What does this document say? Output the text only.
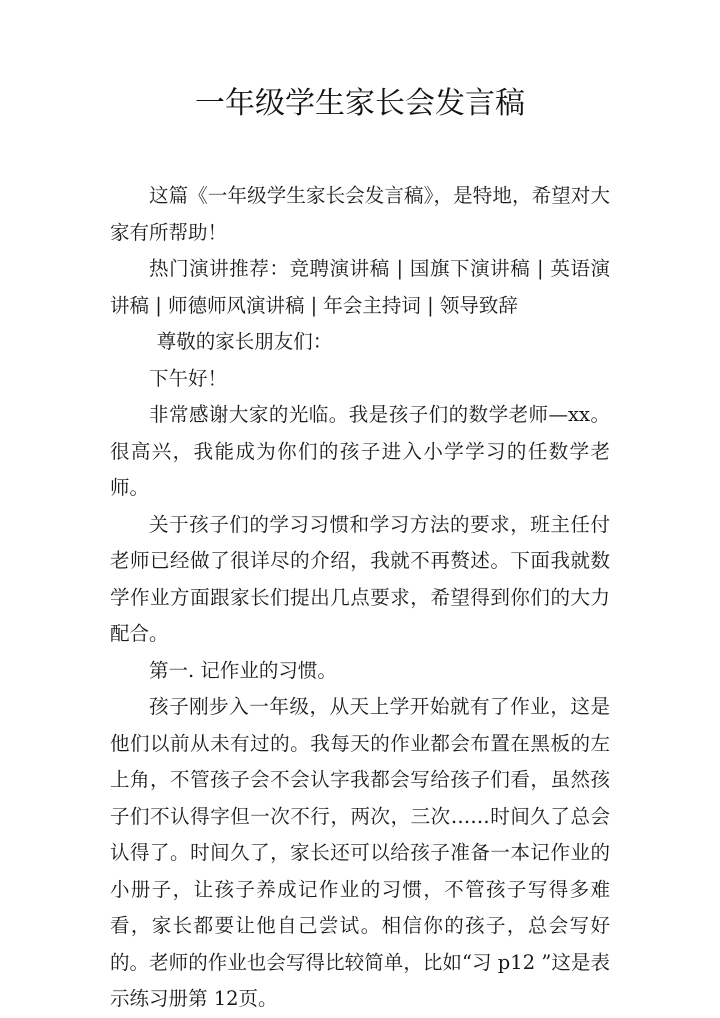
一年级学生家长会发言稿

这篇《一年级学生家长会发言稿》，是特地，希望对大家有所帮助！

热门演讲推荐：竞聘演讲稿 | 国旗下演讲稿 | 英语演讲稿 | 师德师风演讲稿 | 年会主持词 | 领导致辞

尊敬的家长朋友们：

下午好！

非常感谢大家的光临。我是孩子们的数学老师—xx。很高兴，我能成为你们的孩子进入小学学习的任数学老师。

关于孩子们的学习习惯和学习方法的要求，班主任付老师已经做了很详尽的介绍，我就不再赘述。下面我就数学作业方面跟家长们提出几点要求，希望得到你们的大力配合。

第一. 记作业的习惯。

孩子刚步入一年级，从天上学开始就有了作业，这是他们以前从未有过的。我每天的作业都会布置在黑板的左上角，不管孩子会不会认字我都会写给孩子们看，虽然孩子们不认得字但一次不行，两次，三次……时间久了总会认得了。时间久了，家长还可以给孩子准备一本记作业的小册子，让孩子养成记作业的习惯，不管孩子写得多难看，家长都要让他自己尝试。相信你的孩子，总会写好的。老师的作业也会写得比较简单，比如“习 p12 ”这是表示练习册第 12页。
